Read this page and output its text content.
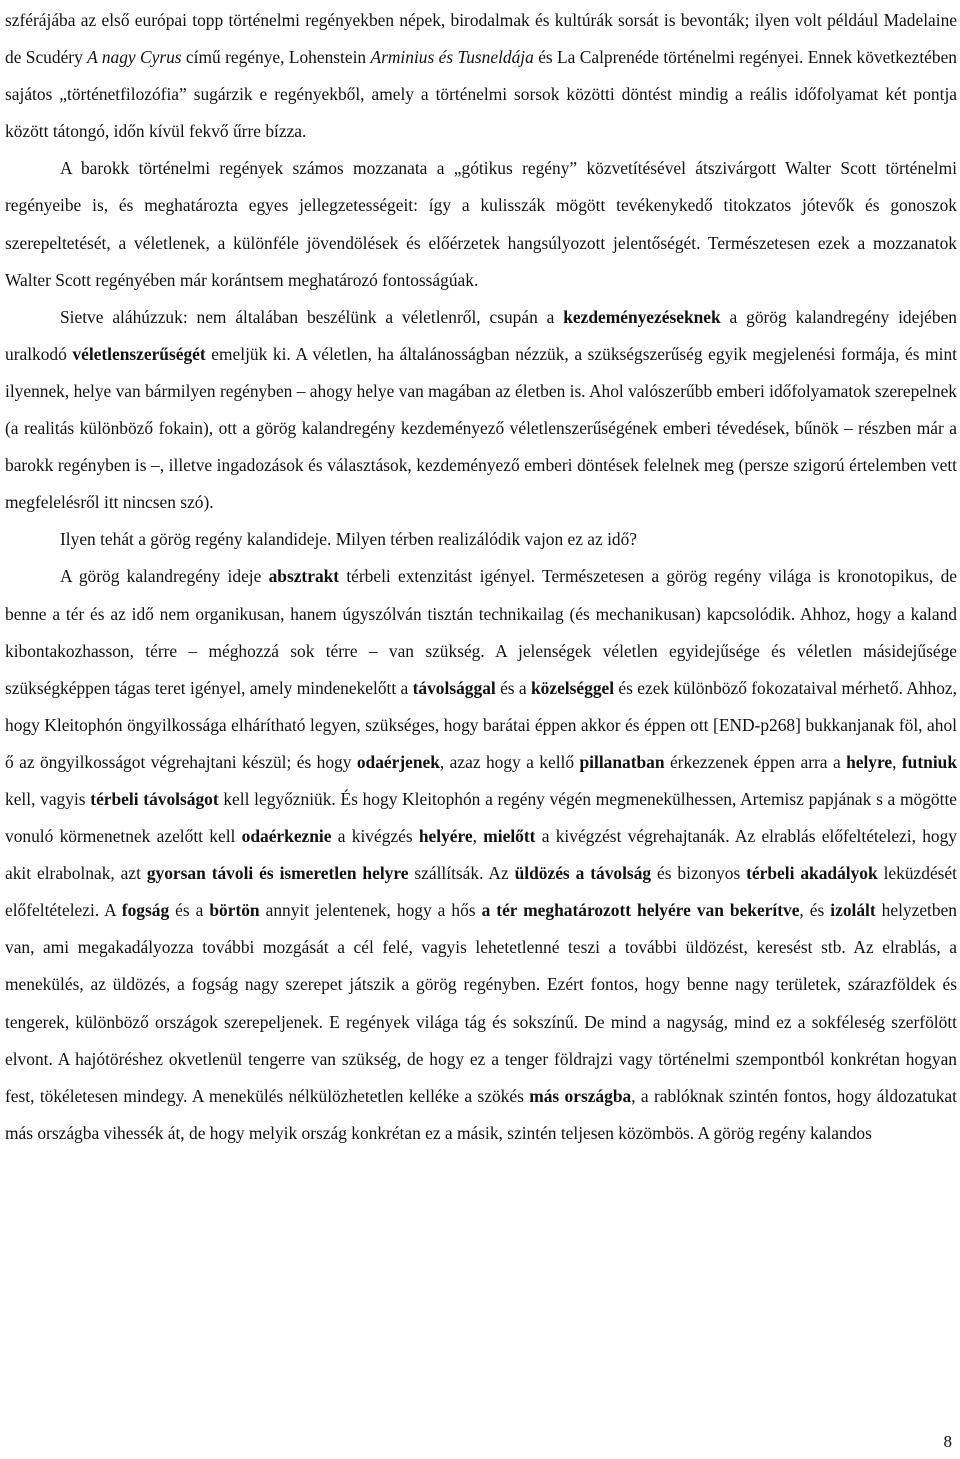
szférájába az első európai topp történelmi regényekben népek, birodalmak és kultúrák sorsát is bevonták; ilyen volt például Madelaine de Scudéry A nagy Cyrus című regénye, Lohenstein Arminius és Tusneldája és La Calprenéde történelmi regényei. Ennek következtében sajátos „történetfilozófia” sugárzik e regényekből, amely a történelmi sorsok közötti döntést mindig a reális időfolyamat két pontja között tátongó, időn kívül fekvő űrre bízza.

A barokk történelmi regények számos mozzanata a „gótikus regény” közvetítésével átszivárgott Walter Scott történelmi regényeibe is, és meghatározta egyes jellegzetességeit: így a kulisszák mögött tevékenykedő titokzatos jótevők és gonoszok szerepeltetését, a véletlenek, a különféle jövendölések és előérzetek hangsúlyozott jelentőségét. Természetesen ezek a mozzanatok Walter Scott regényében már korántsem meghatározó fontosságúak.

Sietve aláhúzzuk: nem általában beszélünk a véletlenről, csupán a kezdeményezéseknek a görög kalandregény idejében uralkodó véletlenszerűségét emeljük ki. A véletlen, ha általánosságban nézzük, a szükségszerűség egyik megjelenési formája, és mint ilyennek, helye van bármilyen regényben – ahogy helye van magában az életben is. Ahol valószerűbb emberi időfolyamatok szerepelnek (a realitás különböző fokain), ott a görög kalandregény kezdeményező véletlenszerűségének emberi tévedések, bűnök – részben már a barokk regényben is –, illetve ingadozások és választások, kezdeményező emberi döntések felelnek meg (persze szigorú értelemben vett megfelelésről itt nincsen szó).

Ilyen tehát a görög regény kalandideje. Milyen térben realizálódik vajon ez az idő?

A görög kalandregény ideje absztrakt térbeli extenzitást igényel. Természetesen a görög regény világa is kronotopikus, de benne a tér és az idő nem organikusan, hanem úgyszólván tisztán technikailag (és mechanikusan) kapcsolódik. Ahhoz, hogy a kaland kibontakozhasson, térre – méghozzá sok térre – van szükség. A jelenségek véletlen egyidejűsége és véletlen másidejűsége szükségképpen tágas teret igényel, amely mindenekelőtt a távolsággal és a közelséggel és ezek különböző fokozataival mérhető. Ahhoz, hogy Kleitophón öngyilkossága elhárítható legyen, szükséges, hogy barátai éppen akkor és éppen ott [END-p268] bukkanjanak föl, ahol ő az öngyilkosságot végrehajtani készül; és hogy odaérjenek, azaz hogy a kellő pillanatban érkezzenek éppen arra a helyre, futniuk kell, vagyis térbeli távolságot kell legyőzniük. És hogy Kleitophón a regény végén megmenekülhessen, Artemisz papjának s a mögötte vonuló körmenetnek azelőtt kell odaérkeznie a kivégzés helyére, mielőtt a kivégzést végrehajtanák. Az elrablás előfeltételezi, hogy akit elrabolnak, azt gyorsan távoli és ismeretlen helyre szállítsák. Az üldözés a távolság és bizonyos térbeli akadályok leküzdését előfeltételezi. A fogság és a börtön annyit jelentenek, hogy a hős a tér meghatározott helyére van bekerítve, és izolált helyzetben van, ami megakadályozza további mozgását a cél felé, vagyis lehetetlenné teszi a további üldözést, keresést stb. Az elrablás, a menekülés, az üldözés, a fogság nagy szerepet játszik a görög regényben. Ezért fontos, hogy benne nagy területek, szárazföldek és tengerek, különböző országok szerepeljenek. E regények világa tág és sokszínű. De mind a nagyság, mind ez a sokféleség szerfölött elvont. A hajótöréshez okvetlenül tengerre van szükség, de hogy ez a tenger földrajzi vagy történelmi szempontból konkrétan hogyan fest, tökéletesen mindegy. A menekülés nélkülözhetetlen kelléke a szökés más országba, a rablóknak szintén fontos, hogy áldozatukat más országba vihessék át, de hogy melyik ország konkrétan ez a másik, szintén teljesen közömbös. A görög regény kalandos

8
